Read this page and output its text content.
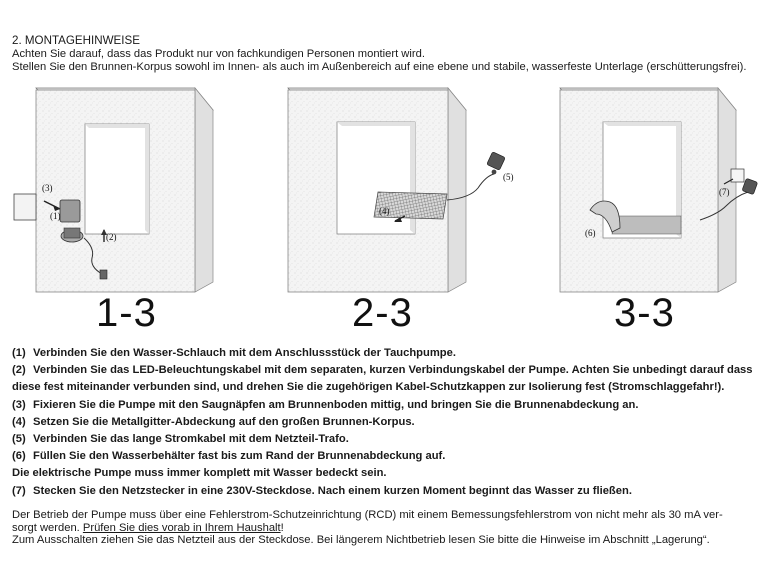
2. MONTAGEHINWEISE
Achten Sie darauf, dass das Produkt nur von fachkundigen Personen montiert wird.
Stellen Sie den Brunnen-Korpus sowohl im Innen- als auch im Außenbereich auf eine ebene und stabile, wasserfeste Unterlage (erschütterungsfrei).
(3)
(1)
(2)
(4)
(5)
(6)
(7)
1-3	2-3	3-3
(1) Verbinden Sie den Wasser-Schlauch mit dem Anschlussstück der Tauchpumpe.
(2) Verbinden Sie das LED-Beleuchtungskabel mit dem separaten, kurzen Verbindungskabel der Pumpe. Achten Sie unbedingt darauf dass
diese fest miteinander verbunden sind, und drehen Sie die zugehörigen Kabel-Schutzkappen zur Isolierung fest (Stromschlaggefahr!).
(3) Fixieren Sie die Pumpe mit den Saugnäpfen am Brunnenboden mittig, und bringen Sie die Brunnenabdeckung an.
(4) Setzen Sie die Metallgitter-Abdeckung auf den großen Brunnen-Korpus.
(5) Verbinden Sie das lange Stromkabel mit dem Netzteil-Trafo.
(6) Füllen Sie den Wasserbehälter fast bis zum Rand der Brunnenabdeckung auf.
Die elektrische Pumpe muss immer komplett mit Wasser bedeckt sein.
(7) Stecken Sie den Netzstecker in eine 230V-Steckdose. Nach einem kurzen Moment beginnt das Wasser zu fließen.
Der Betrieb der Pumpe muss über eine Fehlerstrom-Schutzeinrichtung (RCD) mit einem Bemessungsfehlerstrom von nicht mehr als 30 mA ver-
sorgt werden. Prüfen Sie dies vorab in Ihrem Haushalt!
Zum Ausschalten ziehen Sie das Netzteil aus der Steckdose. Bei längerem Nichtbetrieb lesen Sie bitte die Hinweise im Abschnitt „Lagerung“.
